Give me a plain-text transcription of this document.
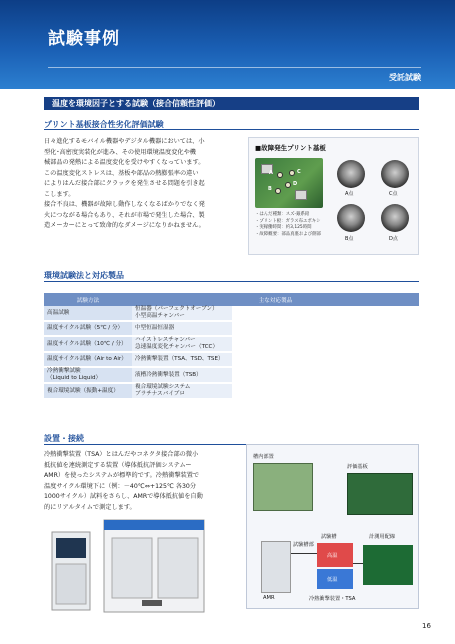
試験事例
受託試験
温度を環境因子とする試験（接合信頼性評価）
プリント基板接合性劣化評価試験
日々進化するモバイル機器やデジタル機器においては、小
型化･高密度実装化が進み、その使用環境温度変化や機
械部品の発熱による温度変化を受けやすくなっています。
この温度変化ストレスは、基板や部品の熱膨張率の違い
によりはんだ接合部にクラックを発生させる問題を引き起
こします。
接合不良は、機器が故障し動作しなくなるばかりでなく発
火につながる場合もあり、それが市場で発生した場合、製
造メーカーにとって致命的なダメージになりかねません。
■故障発生プリント基板
A
B
C
D
・はんだ種類：スズ-銀系鉛
・プリント板：ガラス布エポキシ
・実稼働時間：約3,125時間
・故障概要：部品真裏および側部
A点	C点
B点	D点
環境試験法と対応製品
試験方法	主な対応製品	
高温試験	恒温器（パーフェクトオーブン）
小型高温チャンバー	
温度サイクル試験（5℃ / 分）	中型恒温恒湿器	
温度サイクル試験（10℃ / 分）	ハイストレスチャンバー
急速温度変化チャンバー（TCC）	
温度サイクル試験（Air to Air）	冷熱衝撃装置（TSA、TSD、TSE）	
冷熱衝撃試験
（Liquid to Liquid）	液槽冷熱衝撃装置（TSB）	
複合環境試験（振動+温度）	複合環境試験システム
ブラチナスバイブロ	
設置・接続
冷熱衝撃装置（TSA）とはんだやコネクタ接合部の微小
抵抗値を連続測定する装置（導体抵抗評価システムー
AMR）を使ったシステムが標準的です。冷熱衝撃装置で
温度サイクル環境下に（例：－40℃⇔+125℃ 各30分
1000サイクル）試料をさらし、AMRで導体抵抗値を自動
的にリアルタイムで測定します。
槽内部置
評価基板
計測用配線
試験槽
高温
低温
試験槽部
AMR	冷熱衝撃装置・TSA
16
